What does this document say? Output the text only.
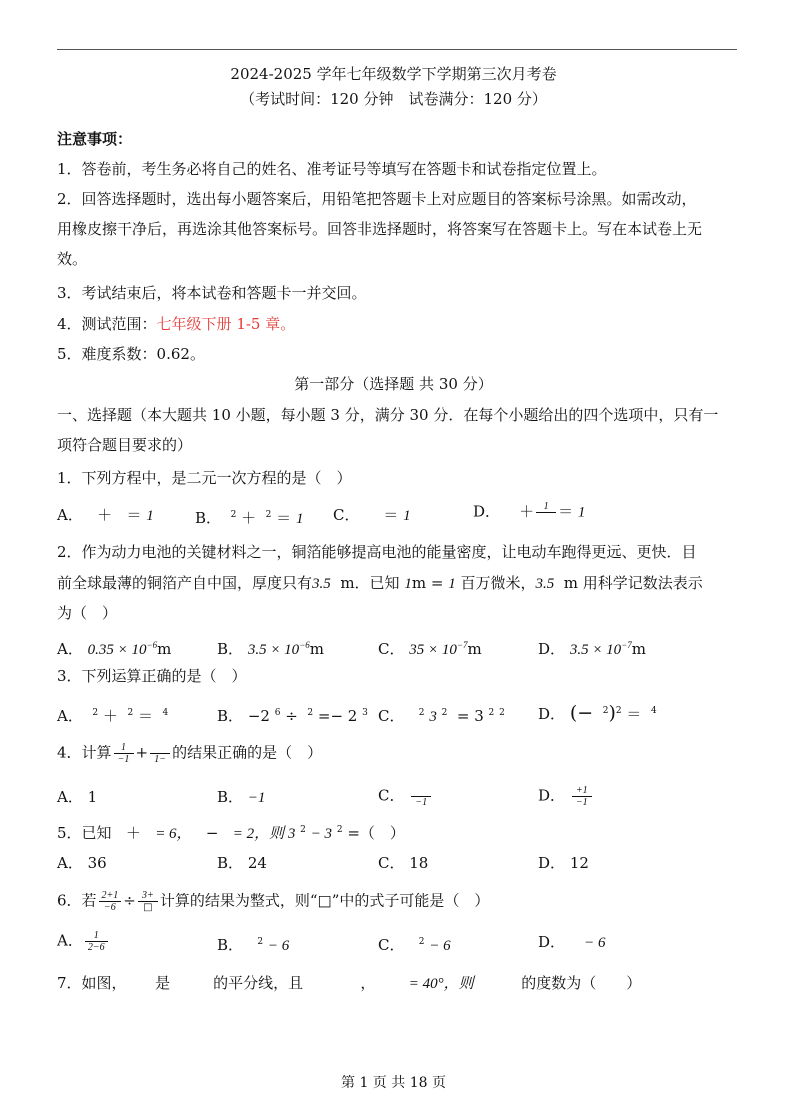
2024-2025 学年七年级数学下学期第三次月考卷
（考试时间：120 分钟　试卷满分：120 分）
注意事项：
1．答卷前，考生务必将自己的姓名、准考证号等填写在答题卡和试卷指定位置上。
2．回答选择题时，选出每小题答案后，用铅笔把答题卡上对应题目的答案标号涂黑。如需改动，
用橡皮擦干净后，再选涂其他答案标号。回答非选择题时，将答案写在答题卡上。写在本试卷上无
效。
3．考试结束后，将本试卷和答题卡一并交回。
4．测试范围：七年级下册 1-5 章。
5．难度系数：0.62。
第一部分（选择题 共 30 分）
一、选择题（本大题共 10 小题，每小题 3 分，满分 30 分．在每个小题给出的四个选项中，只有一
项符合题目要求的）
1．下列方程中，是二元一次方程的是（　）
A． ＋ ＝ 1	B． $^2$ ＋ $^2$ ＝ 1 C． ＝ 1	D． ＋ 1 ＝ 1
2．作为动力电池的关键材料之一，铜箔能够提高电池的能量密度，让电动车跑得更远、更快．目
前全球最薄的铜箔产自中国，厚度只有3.5 m．已知 1m = 1 百万微米，3.5 m 用科学记数法表示
为（　）
A． $0.35 \times 10^{-6}m$	B． $3.5 \times 10^{-6}m$	C． $35 \times 10^{-7}m$	D． $3.5 \times 10^{-7}m$
3．下列运算正确的是（　）
A． $^2$ ＋ $^2$ ＝ $^4$	B． −2 $^6$ ÷ $^2$ =− 2 $^3$ C． $^2$ 3 $^2$ = 3 $^2$ $^2$ D． (− $^2$)$^2$ ＝ $^4$
4．计算 $\frac{1}{-1} + 1-$ 的结果正确的是（　）
A． 1	B． −1	C．	−1	D． $\frac{+1}{-1}$
5．已知 ＋ = 6， − = 2，则 3 $^2$ − 3 $^2$ =（　）
A． 36	B． 24	C． 18	D． 12
6．若 $\frac{2+1}{-6} \div \frac{3+}{□}$ 计算的结果为整式，则“□”中的式子可能是（　）
A． $\frac{1}{2-6}$	B． $^2$ − 6	C． $^2$ − 6	D． − 6
7．如图， 是	的平分线，且	， = 40°，则	的度数为（　　）
第 1 页 共 18 页
